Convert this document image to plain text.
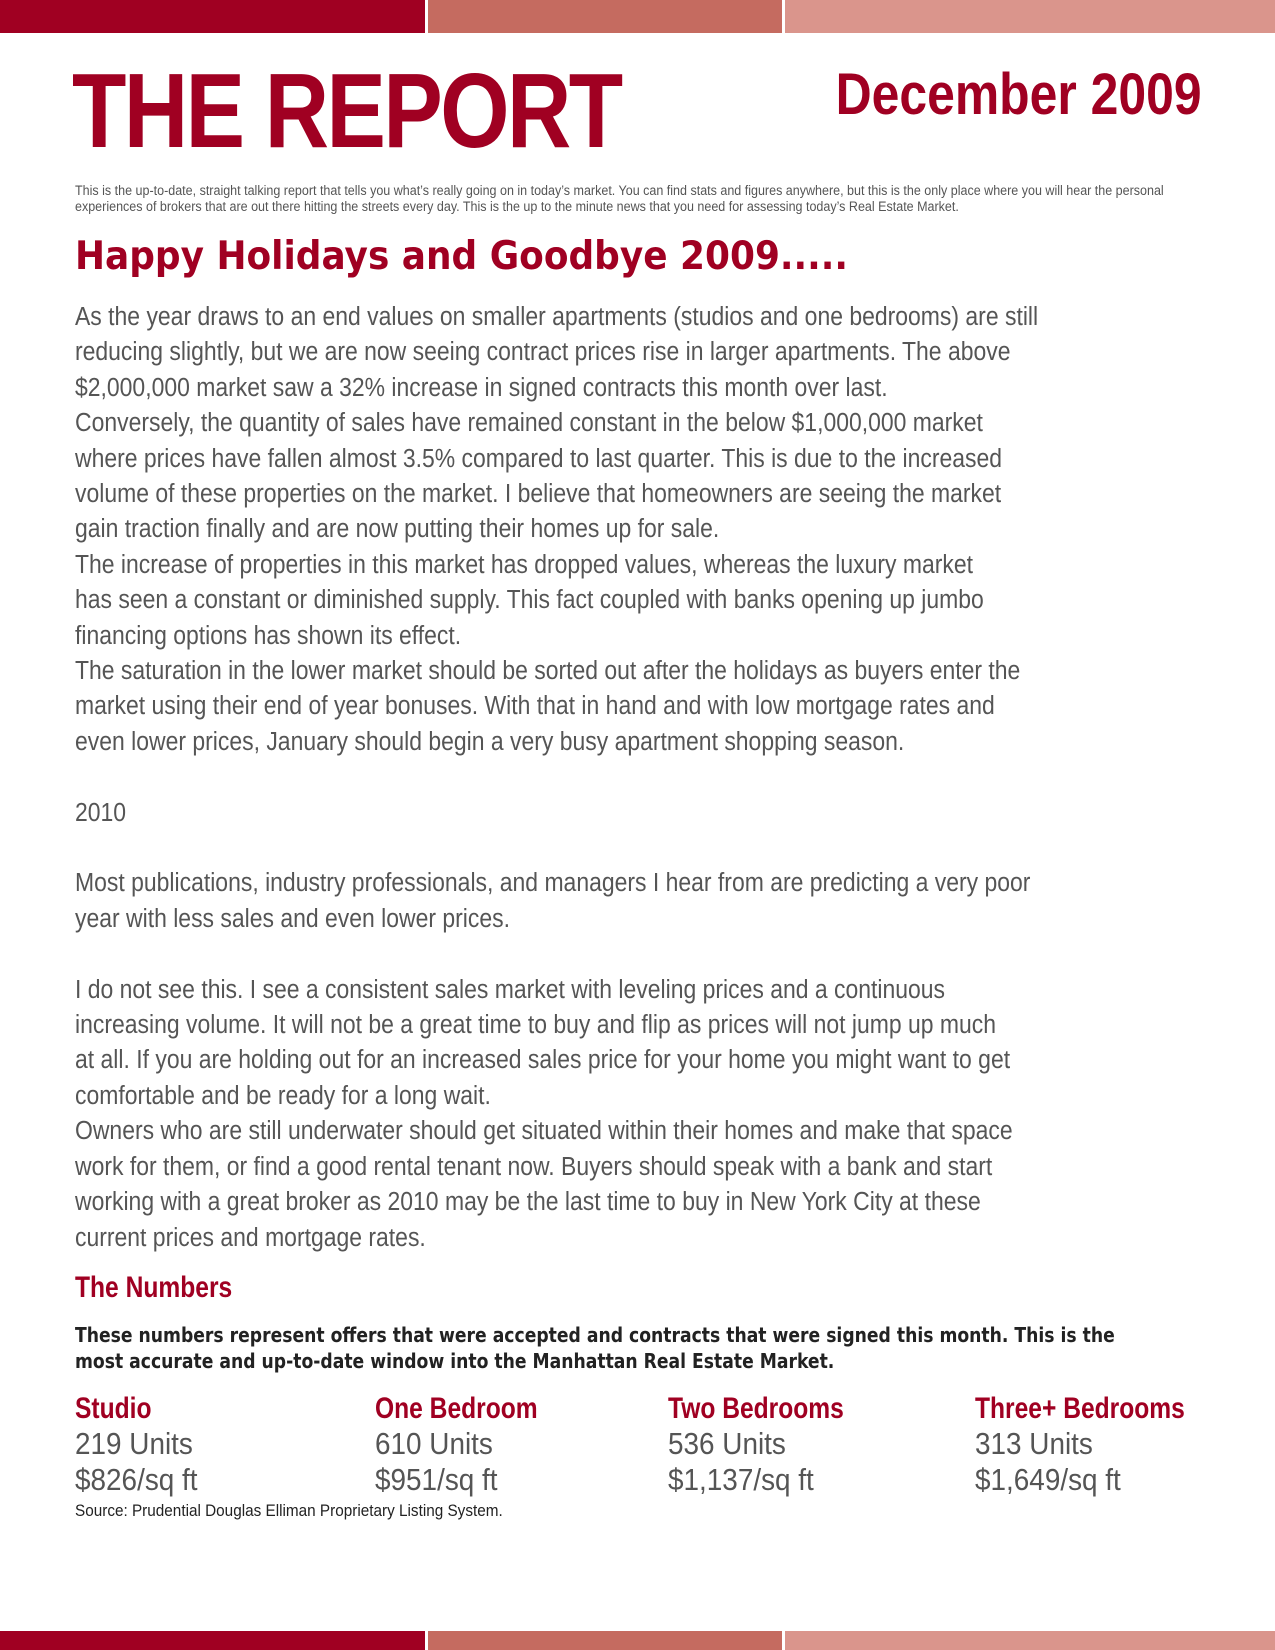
THE REPORT	December 2009

This is the up-to-date, straight talking report that tells you what’s really going on in today’s market. You can find stats and figures anywhere, but this is the only place where you will hear the personal experiences of brokers that are out there hitting the streets every day. This is the up to the minute news that you need for assessing today’s Real Estate Market.

Happy Holidays and Goodbye 2009.....
As the year draws to an end values on smaller apartments (studios and one bedrooms) are still
reducing slightly, but we are now seeing contract prices rise in larger apartments. The above
$2,000,000 market saw a 32% increase in signed contracts this month over last.
Conversely, the quantity of sales have remained constant in the below $1,000,000 market
where prices have fallen almost 3.5% compared to last quarter. This is due to the increased
volume of these properties on the market. I believe that homeowners are seeing the market
gain traction finally and are now putting their homes up for sale.
The increase of properties in this market has dropped values, whereas the luxury market
has seen a constant or diminished supply. This fact coupled with banks opening up jumbo
financing options has shown its effect.
The saturation in the lower market should be sorted out after the holidays as buyers enter the
market using their end of year bonuses. With that in hand and with low mortgage rates and
even lower prices, January should begin a very busy apartment shopping season.
2010
Most publications, industry professionals, and managers I hear from are predicting a very poor
year with less sales and even lower prices.
I do not see this. I see a consistent sales market with leveling prices and a continuous
increasing volume. It will not be a great time to buy and flip as prices will not jump up much
at all. If you are holding out for an increased sales price for your home you might want to get
comfortable and be ready for a long wait.
Owners who are still underwater should get situated within their homes and make that space
work for them, or find a good rental tenant now. Buyers should speak with a bank and start
working with a great broker as 2010 may be the last time to buy in New York City at these
current prices and mortgage rates.
The Numbers
These numbers represent offers that were accepted and contracts that were signed this month. This is the
most accurate and up-to-date window into the Manhattan Real Estate Market.
Studio
219 Units
$826/sq ft
One Bedroom
610 Units
$951/sq ft
Two Bedrooms
536 Units
$1,137/sq ft
Three+ Bedrooms
313 Units
$1,649/sq ft

Source: Prudential Douglas Elliman Proprietary Listing System.
